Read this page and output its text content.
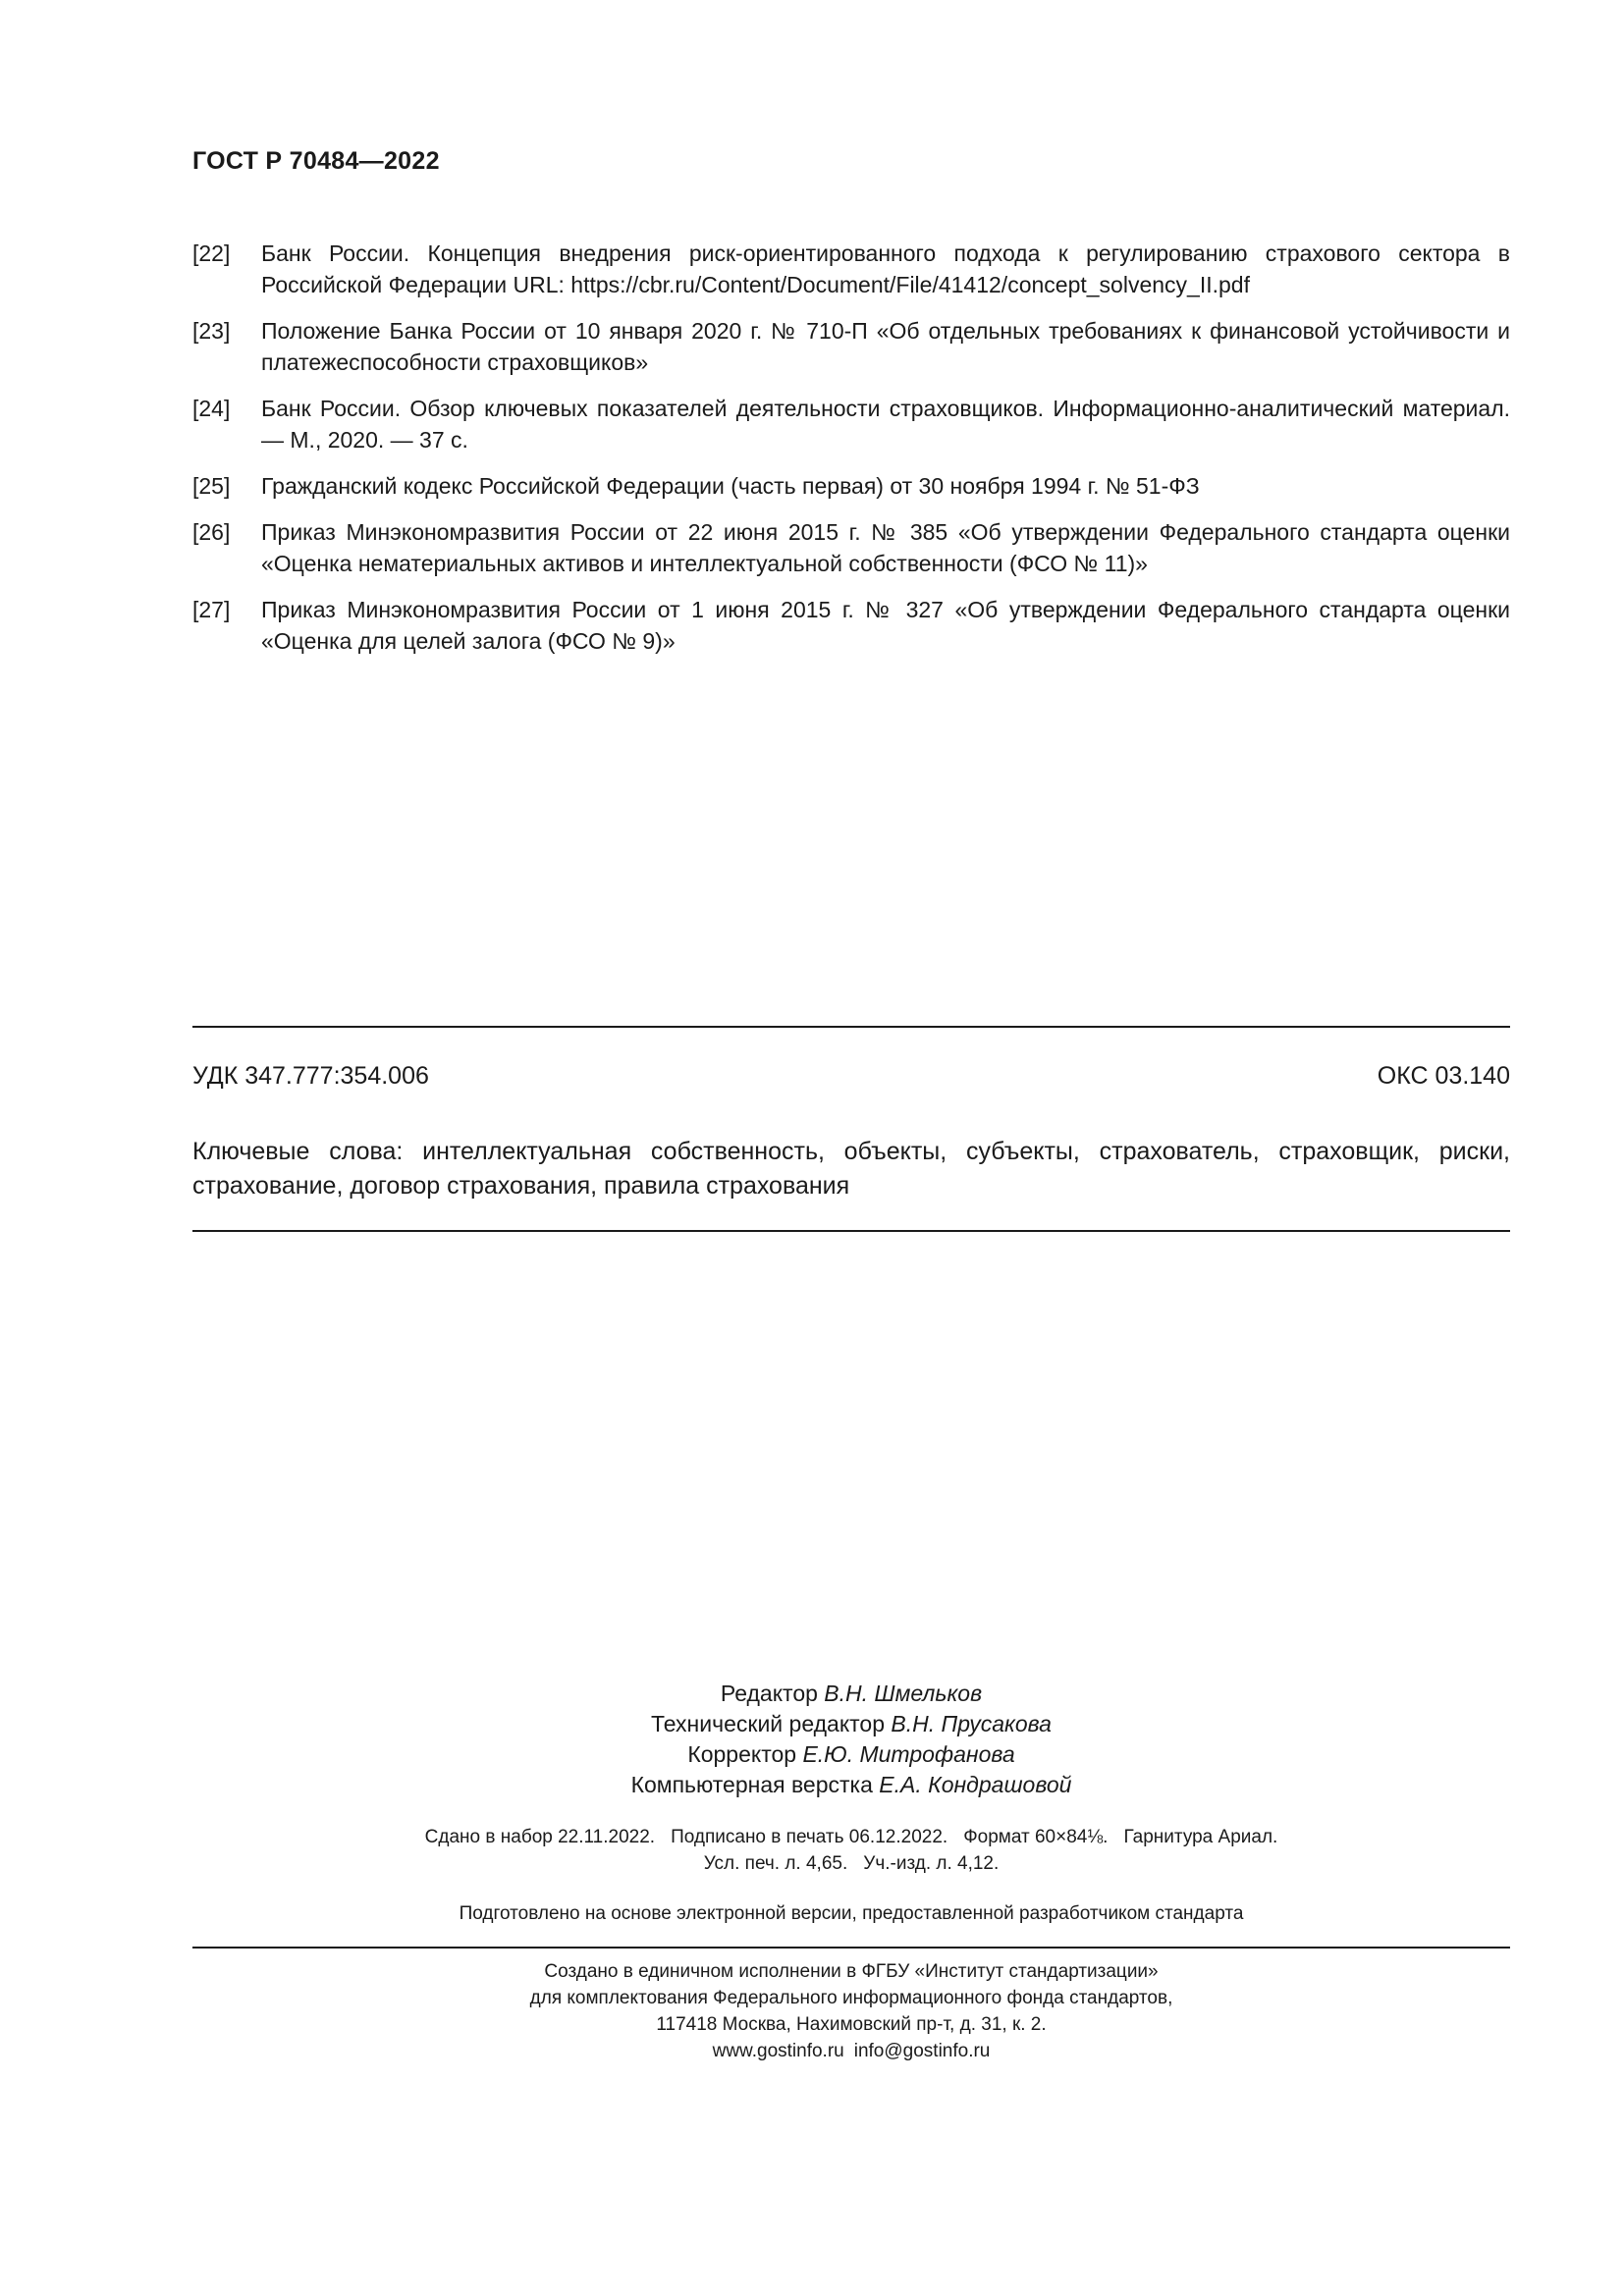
ГОСТ Р 70484—2022
[22]	Банк России. Концепция внедрения риск-ориентированного подхода к регулированию страхового сектора в Российской Федерации URL: https://cbr.ru/Content/Document/File/41412/concept_solvency_II.pdf
[23]	Положение Банка России от 10 января 2020 г. № 710-П «Об отдельных требованиях к финансовой устойчивости и платежеспособности страховщиков»
[24]	Банк России. Обзор ключевых показателей деятельности страховщиков. Информационно-аналитический материал. — М., 2020. — 37 с.
[25]	Гражданский кодекс Российской Федерации (часть первая) от 30 ноября 1994 г. № 51-ФЗ
[26]	Приказ Минэкономразвития России от 22 июня 2015 г. № 385 «Об утверждении Федерального стандарта оценки «Оценка нематериальных активов и интеллектуальной собственности (ФСО № 11)»
[27]	Приказ Минэкономразвития России от 1 июня 2015 г. № 327 «Об утверждении Федерального стандарта оценки «Оценка для целей залога (ФСО № 9)»
УДК 347.777:354.006	ОКС 03.140
Ключевые слова: интеллектуальная собственность, объекты, субъекты, страхователь, страховщик, риски, страхование, договор страхования, правила страхования
Редактор В.Н. Шмельков
Технический редактор В.Н. Прусакова
Корректор Е.Ю. Митрофанова
Компьютерная верстка Е.А. Кондрашовой
Сдано в набор 22.11.2022. Подписано в печать 06.12.2022. Формат 60×84⅛. Гарнитура Ариал.
Усл. печ. л. 4,65. Уч.-изд. л. 4,12.
Подготовлено на основе электронной версии, предоставленной разработчиком стандарта
Создано в единичном исполнении в ФГБУ «Институт стандартизации»
для комплектования Федерального информационного фонда стандартов,
117418 Москва, Нахимовский пр-т, д. 31, к. 2.
www.gostinfo.ru info@gostinfo.ru
